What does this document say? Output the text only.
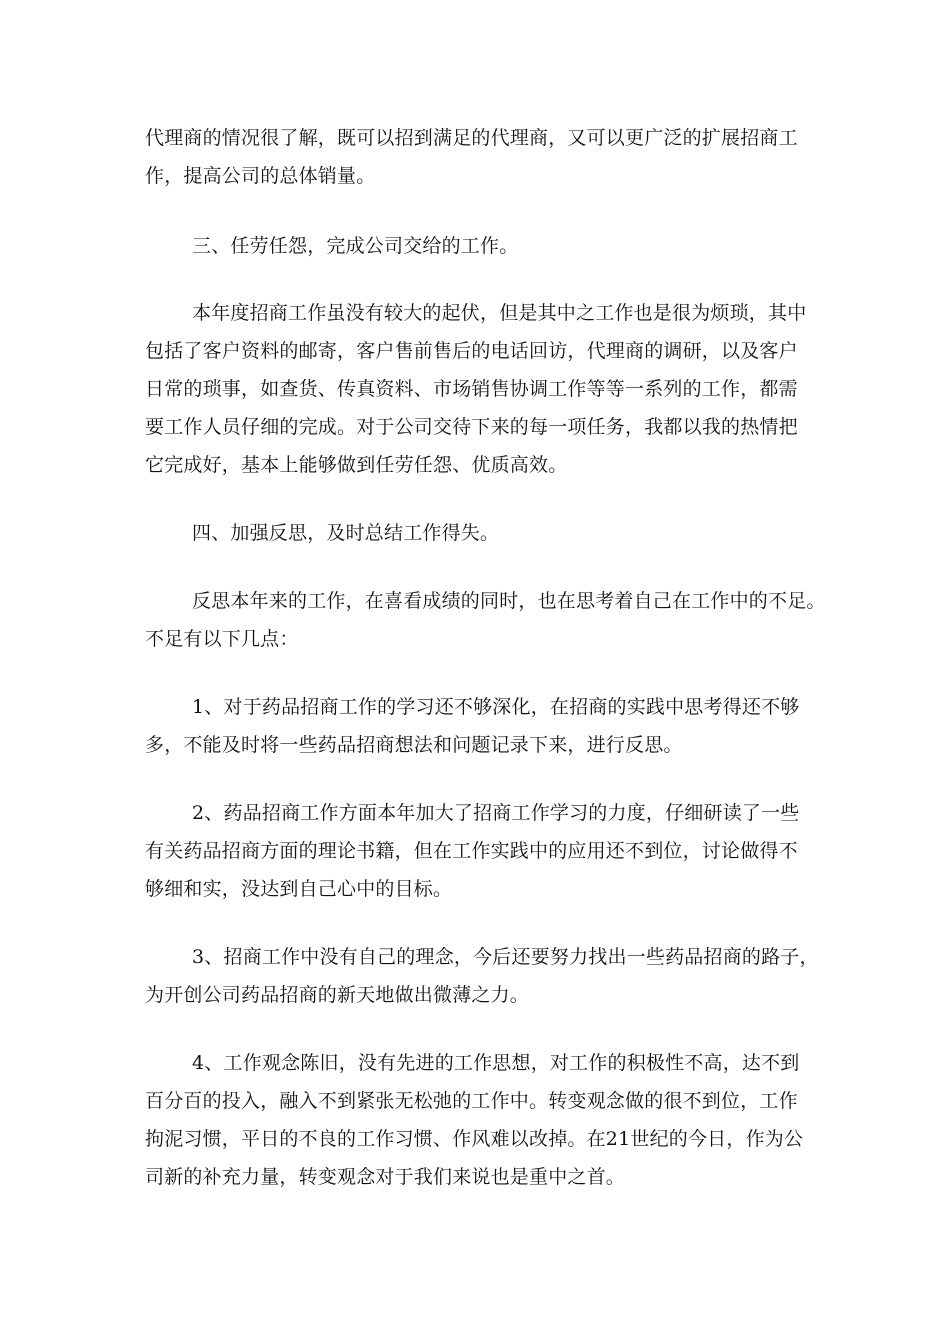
代理商的情况很了解，既可以招到满足的代理商，又可以更广泛的扩展招商工
作，提高公司的总体销量。
三、任劳任怨，完成公司交给的工作。
本年度招商工作虽没有较大的起伏，但是其中之工作也是很为烦琐，其中
包括了客户资料的邮寄，客户售前售后的电话回访，代理商的调研，以及客户
日常的琐事，如查货、传真资料、市场销售协调工作等等一系列的工作，都需
要工作人员仔细的完成。对于公司交待下来的每一项任务，我都以我的热情把
它完成好，基本上能够做到任劳任怨、优质高效。
四、加强反思，及时总结工作得失。
反思本年来的工作，在喜看成绩的同时，也在思考着自己在工作中的不足。
不足有以下几点：
1、对于药品招商工作的学习还不够深化，在招商的实践中思考得还不够
多，不能及时将一些药品招商想法和问题记录下来，进行反思。
2、药品招商工作方面本年加大了招商工作学习的力度，仔细研读了一些
有关药品招商方面的理论书籍，但在工作实践中的应用还不到位，讨论做得不
够细和实，没达到自己心中的目标。
3、招商工作中没有自己的理念，今后还要努力找出一些药品招商的路子，
为开创公司药品招商的新天地做出微薄之力。
4、工作观念陈旧，没有先进的工作思想，对工作的积极性不高，达不到
百分百的投入，融入不到紧张无松弛的工作中。转变观念做的很不到位，工作
拘泥习惯，平日的不良的工作习惯、作风难以改掉。在21世纪的今日，作为公
司新的补充力量，转变观念对于我们来说也是重中之首。
